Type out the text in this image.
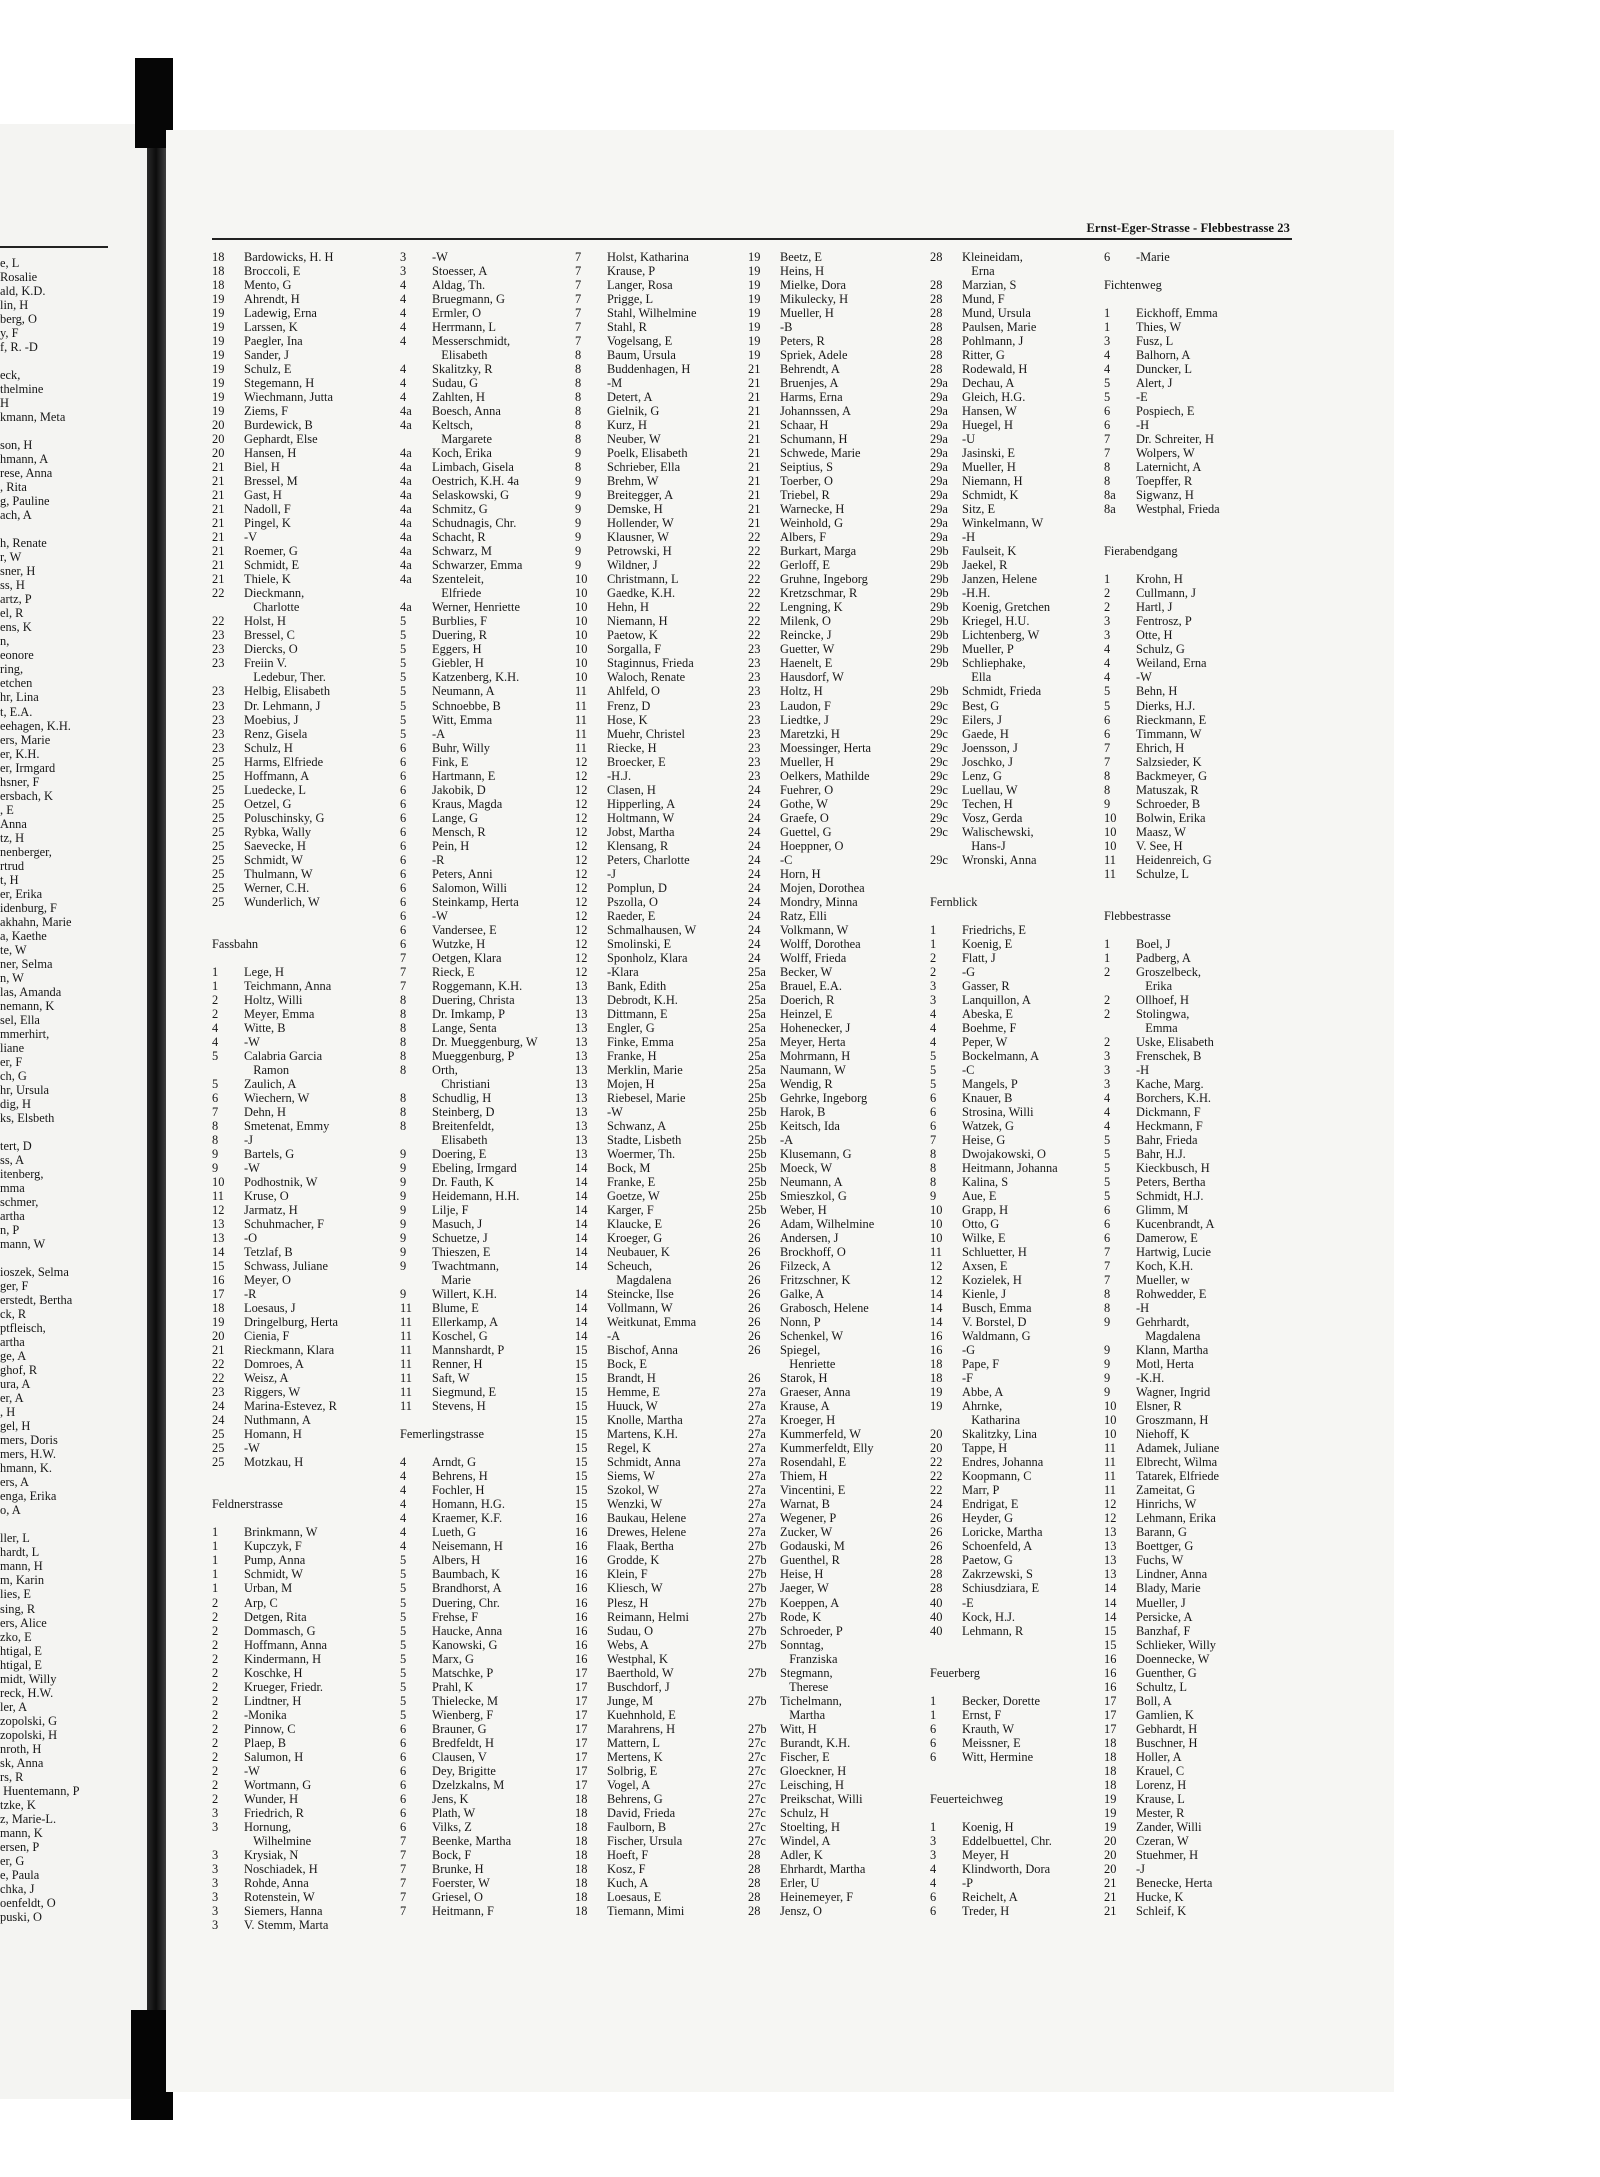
e, L
Rosalie
ald, K.D.
lin, H
berg, O
y, F
f, R. -D
eck,
thelmine
H
kmann, Meta
son, H
hmann, A
rese, Anna
, Rita
g, Pauline
ach, A
h, Renate
r, W
sner, H
ss, H
artz, P
el, R
ens, K
n,
eonore
ring,
etchen
hr, Lina
t, E.A.
eehagen, K.H.
ers, Marie
er, K.H.
er, Irmgard
hsner, F
ersbach, K
, E
Anna
tz, H
nenberger,
rtrud
t, H
er, Erika
idenburg, F
akhahn, Marie
a, Kaethe
te, W
ner, Selma
n, W
las, Amanda
nemann, K
sel, Ella
mmerhirt,
liane
er, F
ch, G
hr, Ursula
dig, H
ks, Elsbeth
tert, D
ss, A
itenberg,
mma
schmer,
artha
n, P
mann, W
ioszek, Selma
ger, F
erstedt, Bertha
ck, R
ptfleisch,
artha
ge, A
ghof, R
ura, A
er, A
, H
gel, H
mers, Doris
mers, H.W.
hmann, K.
ers, A
enga, Erika
o, A
ller, L
hardt, L
mann, H
m, Karin
lies, E
sing, R
ers, Alice
zko, E
htigal, E
htigal, E
midt, Willy
reck, H.W.
ler, A
zopolski, G
zopolski, H
nroth, H
sk, Anna
rs, R
Huentemann, P
tzke, K
z, Marie-L.
mann, K
ersen, P
er, G
e, Paula
chka, J
oenfeldt, O
puski, O
Ernst-Eger-Strasse - Flebbestrasse 23
18 Bardowicks, H. H
18 Broccoli, E
18 Mento, G
19 Ahrendt, H
19 Ladewig, Erna
19 Larssen, K
19 Paegler, Ina
19 Sander, J
19 Schulz, E
19 Stegemann, H
19 Wiechmann, Jutta
19 Ziems, F
20 Burdewick, B
20 Gephardt, Else
20 Hansen, H
21 Biel, H
21 Bressel, M
21 Gast, H
21 Nadoll, F
21 Pingel, K
21 -V
21 Roemer, G
21 Schmidt, E
21 Thiele, K
22 Dieckmann,
Charlotte
22 Holst, H
23 Bressel, C
23 Diercks, O
23 Freiin V.
Ledebur, Ther.
23 Helbig, Elisabeth
23 Dr. Lehmann, J
23 Moebius, J
23 Renz, Gisela
23 Schulz, H
25 Harms, Elfriede
25 Hoffmann, A
25 Luedecke, L
25 Oetzel, G
25 Poluschinsky, G
25 Rybka, Wally
25 Saevecke, H
25 Schmidt, W
25 Thulmann, W
25 Werner, C.H.
25 Wunderlich, W
Fassbahn
1 Lege, H
1 Teichmann, Anna
2 Holtz, Willi
2 Meyer, Emma
4 Witte, B
4 -W
5 Calabria Garcia
Ramon
5 Zaulich, A
6 Wiechern, W
7 Dehn, H
8 Smetenat, Emmy
8 -J
9 Bartels, G
9 -W
10 Podhostnik, W
11 Kruse, O
12 Jarmatz, H
13 Schuhmacher, F
13 -O
14 Tetzlaf, B
15 Schwass, Juliane
16 Meyer, O
17 -R
18 Loesaus, J
19 Dringelburg, Herta
20 Cienia, F
21 Rieckmann, Klara
22 Domroes, A
22 Weisz, A
23 Riggers, W
24 Marina-Estevez, R
24 Nuthmann, A
25 Homann, H
25 -W
25 Motzkau, H
Feldnerstrasse
1 Brinkmann, W
1 Kupczyk, F
1 Pump, Anna
1 Schmidt, W
1 Urban, M
2 Arp, C
2 Detgen, Rita
2 Dommasch, G
2 Hoffmann, Anna
2 Kindermann, H
2 Koschke, H
2 Krueger, Friedr.
2 Lindtner, H
2 -Monika
2 Pinnow, C
2 Plaep, B
2 Salumon, H
2 -W
2 Wortmann, G
2 Wunder, H
3 Friedrich, R
3 Hornung,
Wilhelmine
3 Krysiak, N
3 Noschiadek, H
3 Rohde, Anna
3 Rotenstein, W
3 Siemers, Hanna
3 V. Stemm, Marta
3 -W
3 Stoesser, A
4 Aldag, Th.
4 Bruegmann, G
4 Ermler, O
4 Herrmann, L
4 Messerschmidt,
Elisabeth
4 Skalitzky, R
4 Sudau, G
4 Zahlten, H
4a Boesch, Anna
4a Keltsch,
Margarete
4a Koch, Erika
4a Limbach, Gisela
4a Oestrich, K.H. 4a
4a Selaskowski, G
4a Schmitz, G
4a Schudnagis, Chr.
4a Schacht, R
4a Schwarz, M
4a Schwarzer, Emma
4a Szenteleit,
Elfriede
4a Werner, Henriette
5 Burblies, F
5 Duering, R
5 Eggers, H
5 Giebler, H
5 Katzenberg, K.H.
5 Neumann, A
5 Schnoebbe, B
5 Witt, Emma
5 -A
6 Buhr, Willy
6 Fink, E
6 Hartmann, E
6 Jakobik, D
6 Kraus, Magda
6 Lange, G
6 Mensch, R
6 Pein, H
6 -R
6 Peters, Anni
6 Salomon, Willi
6 Steinkamp, Herta
6 -W
6 Vandersee, E
6 Wutzke, H
7 Oetgen, Klara
7 Rieck, E
7 Roggemann, K.H.
8 Duering, Christa
8 Dr. Imkamp, P
8 Lange, Senta
8 Dr. Mueggenburg, W
8 Mueggenburg, P
8 Orth,
Christiani
8 Schudlig, H
8 Steinberg, D
8 Breitenfeldt,
Elisabeth
9 Doering, E
9 Ebeling, Irmgard
9 Dr. Fauth, K
9 Heidemann, H.H.
9 Lilje, F
9 Masuch, J
9 Schuetze, J
9 Thieszen, E
9 Twachtmann,
Marie
9 Willert, K.H.
11 Blume, E
11 Ellerkamp, A
11 Koschel, G
11 Mannshardt, P
11 Renner, H
11 Saft, W
11 Siegmund, E
11 Stevens, H
Femerlingstrasse
4 Arndt, G
4 Behrens, H
4 Fochler, H
4 Homann, H.G.
4 Kraemer, K.F.
4 Lueth, G
4 Neisemann, H
5 Albers, H
5 Baumbach, K
5 Brandhorst, A
5 Duering, Chr.
5 Frehse, F
5 Haucke, Anna
5 Kanowski, G
5 Marx, G
5 Matschke, P
5 Prahl, K
5 Thielecke, M
5 Wienberg, F
6 Brauner, G
6 Bredfeldt, H
6 Clausen, V
6 Dey, Brigitte
6 Dzelzkalns, M
6 Jens, K
6 Plath, W
6 Vilks, Z
7 Beenke, Martha
7 Bock, F
7 Brunke, H
7 Foerster, W
7 Griesel, O
7 Heitmann, F
7 Holst, Katharina
7 Krause, P
7 Langer, Rosa
7 Prigge, L
7 Stahl, Wilhelmine
7 Stahl, R
7 Vogelsang, E
8 Baum, Ursula
8 Buddenhagen, H
8 -M
8 Detert, A
8 Gielnik, G
8 Kurz, H
8 Neuber, W
9 Poelk, Elisabeth
8 Schrieber, Ella
9 Brehm, W
9 Breitegger, A
9 Demske, H
9 Hollender, W
9 Klausner, W
9 Petrowski, H
9 Wildner, J
10 Christmann, L
10 Gaedke, K.H.
10 Hehn, H
10 Niemann, H
10 Paetow, K
10 Sorgalla, F
10 Staginnus, Frieda
10 Waloch, Renate
11 Ahlfeld, O
11 Frenz, D
11 Hose, K
11 Muehr, Christel
11 Riecke, H
12 Broecker, E
12 -H.J.
12 Clasen, H
12 Hipperling, A
12 Holtmann, W
12 Jobst, Martha
12 Klensang, R
12 Peters, Charlotte
12 -J
12 Pomplun, D
12 Pszolla, O
12 Raeder, E
12 Schmalhausen, W
12 Smolinski, E
12 Sponholz, Klara
12 -Klara
13 Bank, Edith
13 Debrodt, K.H.
13 Dittmann, E
13 Engler, G
13 Finke, Emma
13 Franke, H
13 Merklin, Marie
13 Mojen, H
13 Riebesel, Marie
13 -W
13 Schwanz, A
13 Stadte, Lisbeth
13 Woermer, Th.
14 Bock, M
14 Franke, E
14 Goetze, W
14 Karger, F
14 Klaucke, E
14 Kroeger, G
14 Neubauer, K
14 Scheuch,
Magdalena
14 Steincke, Ilse
14 Vollmann, W
14 Weitkunat, Emma
14 -A
15 Bischof, Anna
15 Bock, E
15 Brandt, H
15 Hemme, E
15 Huuck, W
15 Knolle, Martha
15 Martens, K.H.
15 Regel, K
15 Schmidt, Anna
15 Siems, W
15 Szokol, W
15 Wenzki, W
16 Baukau, Helene
16 Drewes, Helene
16 Flaak, Bertha
16 Grodde, K
16 Klein, F
16 Kliesch, W
16 Plesz, H
16 Reimann, Helmi
16 Sudau, O
16 Webs, A
16 Westphal, K
17 Baerthold, W
17 Buschdorf, J
17 Junge, M
17 Kuehnhold, E
17 Marahrens, H
17 Mattern, L
17 Mertens, K
17 Solbrig, E
17 Vogel, A
18 Behrens, G
18 David, Frieda
18 Faulborn, B
18 Fischer, Ursula
18 Hoeft, F
18 Kosz, F
18 Kuch, A
18 Loesaus, E
18 Tiemann, Mimi
19 Beetz, E
19 Heins, H
19 Mielke, Dora
19 Mikulecky, H
19 Mueller, H
19 -B
19 Peters, R
19 Spriek, Adele
21 Behrendt, A
21 Bruenjes, A
21 Harms, Erna
21 Johannssen, A
21 Schaar, H
21 Schumann, H
21 Schwede, Marie
21 Seiptius, S
21 Toerber, O
21 Triebel, R
21 Warnecke, H
21 Weinhold, G
22 Albers, F
22 Burkart, Marga
22 Gerloff, E
22 Gruhne, Ingeborg
22 Kretzschmar, R
22 Lengning, K
22 Milenk, O
22 Reincke, J
23 Guetter, W
23 Haenelt, E
23 Hausdorf, W
23 Holtz, H
23 Laudon, F
23 Liedtke, J
23 Maretzki, H
23 Moessinger, Herta
23 Mueller, H
23 Oelkers, Mathilde
24 Fuehrer, O
24 Gothe, W
24 Graefe, O
24 Guettel, G
24 Hoeppner, O
24 -C
24 Horn, H
24 Mojen, Dorothea
24 Mondry, Minna
24 Ratz, Elli
24 Volkmann, W
24 Wolff, Dorothea
24 Wolff, Frieda
25a Becker, W
25a Brauel, E.A.
25a Doerich, R
25a Heinzel, E
25a Hohenecker, J
25a Meyer, Herta
25a Mohrmann, H
25a Naumann, W
25a Wendig, R
25b Gehrke, Ingeborg
25b Harok, B
25b Keitsch, Ida
25b -A
25b Klusemann, G
25b Moeck, W
25b Neumann, A
25b Smieszkol, G
25b Weber, H
26 Adam, Wilhelmine
26 Andersen, J
26 Brockhoff, O
26 Filzeck, A
26 Fritzschner, K
26 Galke, A
26 Grabosch, Helene
26 Nonn, P
26 Schenkel, W
26 Spiegel,
Henriette
26 Starok, H
27a Graeser, Anna
27a Krause, A
27a Kroeger, H
27a Kummerfeld, W
27a Kummerfeldt, Elly
27a Rosendahl, E
27a Thiem, H
27a Vincentini, E
27a Warnat, B
27a Wegener, P
27a Zucker, W
27b Godauski, M
27b Guenthel, R
27b Heise, H
27b Jaeger, W
27b Koeppen, A
27b Rode, K
27b Schroeder, P
27b Sonntag,
Franziska
27b Stegmann,
Therese
27b Tichelmann,
Martha
27b Witt, H
27c Burandt, K.H.
27c Fischer, E
27c Gloeckner, H
27c Leisching, H
27c Preikschat, Willi
27c Schulz, H
27c Stoelting, H
27c Windel, A
28 Adler, K
28 Ehrhardt, Martha
28 Erler, U
28 Heinemeyer, F
28 Jensz, O
28 Kleineidam,
Erna
28 Marzian, S
28 Mund, F
28 Mund, Ursula
28 Paulsen, Marie
28 Pohlmann, J
28 Ritter, G
28 Rodewald, H
29a Dechau, A
29a Gleich, H.G.
29a Hansen, W
29a Huegel, H
29a -U
29a Jasinski, E
29a Mueller, H
29a Niemann, H
29a Schmidt, K
29a Sitz, E
29a Winkelmann, W
29a -H
29b Faulseit, K
29b Jaekel, R
29b Janzen, Helene
29b -H.H.
29b Koenig, Gretchen
29b Kriegel, H.U.
29b Lichtenberg, W
29b Mueller, P
29b Schliephake,
Ella
29b Schmidt, Frieda
29c Best, G
29c Eilers, J
29c Gaede, H
29c Joensson, J
29c Joschko, J
29c Lenz, G
29c Luellau, W
29c Techen, H
29c Vosz, Gerda
29c Walischewski,
Hans-J
29c Wronski, Anna
Fernblick
1 Friedrichs, E
1 Koenig, E
2 Flatt, J
2 -G
3 Gasser, R
3 Lanquillon, A
4 Abeska, E
4 Boehme, F
4 Peper, W
5 Bockelmann, A
5 -C
5 Mangels, P
6 Knauer, B
6 Strosina, Willi
6 Watzek, G
7 Heise, G
8 Dwojakowski, O
8 Heitmann, Johanna
8 Kalina, S
9 Aue, E
10 Grapp, H
10 Otto, G
10 Wilke, E
11 Schluetter, H
12 Axsen, E
12 Kozielek, H
14 Kienle, J
14 Busch, Emma
14 V. Borstel, D
16 Waldmann, G
16 -G
18 Pape, F
18 -F
19 Abbe, A
19 Ahrnke,
Katharina
20 Skalitzky, Lina
20 Tappe, H
22 Endres, Johanna
22 Koopmann, C
22 Marr, P
24 Endrigat, E
26 Heyder, G
26 Loricke, Martha
26 Schoenfeld, A
28 Paetow, G
28 Zakrzewski, S
28 Schiusdziara, E
40 -E
40 Kock, H.J.
40 Lehmann, R
Feuerberg
1 Becker, Dorette
1 Ernst, F
6 Krauth, W
6 Meissner, E
6 Witt, Hermine
Feuerteichweg
1 Koenig, H
3 Eddelbuettel, Chr.
3 Meyer, H
4 Klindworth, Dora
4 -P
6 Reichelt, A
6 Treder, H
6 -Marie
Fichtenweg
1 Eickhoff, Emma
1 Thies, W
3 Fusz, L
4 Balhorn, A
4 Duncker, L
5 Alert, J
5 -E
6 Pospiech, E
6 -H
7 Dr. Schreiter, H
7 Wolpers, W
8 Laternicht, A
8 Toepffer, R
8a Sigwanz, H
8a Westphal, Frieda
Fierabendgang
1 Krohn, H
2 Cullmann, J
2 Hartl, J
3 Fentrosz, P
3 Otte, H
4 Schulz, G
4 Weiland, Erna
4 -W
5 Behn, H
5 Dierks, H.J.
6 Rieckmann, E
6 Timmann, W
7 Ehrich, H
7 Salzsieder, K
8 Backmeyer, G
8 Matuszak, R
9 Schroeder, B
10 Bolwin, Erika
10 Maasz, W
10 V. See, H
11 Heidenreich, G
11 Schulze, L
Flebbestrasse
1 Boel, J
1 Padberg, A
2 Groszelbeck,
Erika
2 Ollhoef, H
2 Stolingwa,
Emma
2 Uske, Elisabeth
3 Frenschek, B
3 -H
3 Kache, Marg.
4 Borchers, K.H.
4 Dickmann, F
4 Heckmann, F
5 Bahr, Frieda
5 Bahr, H.J.
5 Kieckbusch, H
5 Peters, Bertha
5 Schmidt, H.J.
6 Glimm, M
6 Kucenbrandt, A
6 Damerow, E
7 Hartwig, Lucie
7 Koch, K.H.
7 Mueller, w
8 Rohwedder, E
8 -H
9 Gehrhardt,
Magdalena
9 Klann, Martha
9 Motl, Herta
9 -K.H.
9 Wagner, Ingrid
10 Elsner, R
10 Groszmann, H
10 Niehoff, K
11 Adamek, Juliane
11 Elbrecht, Wilma
11 Tatarek, Elfriede
11 Zameitat, G
12 Hinrichs, W
12 Lehmann, Erika
13 Barann, G
13 Boettger, G
13 Fuchs, W
13 Lindner, Anna
14 Blady, Marie
14 Mueller, J
14 Persicke, A
15 Banzhaf, F
15 Schlieker, Willy
16 Doennecke, W
16 Guenther, G
16 Schultz, L
17 Boll, A
17 Gamlien, K
17 Gebhardt, H
18 Buschner, H
18 Holler, A
18 Krauel, C
18 Lorenz, H
19 Krause, L
19 Mester, R
19 Zander, Willi
20 Czeran, W
20 Stuehmer, H
20 -J
21 Benecke, Herta
21 Hucke, K
21 Schleif, K
